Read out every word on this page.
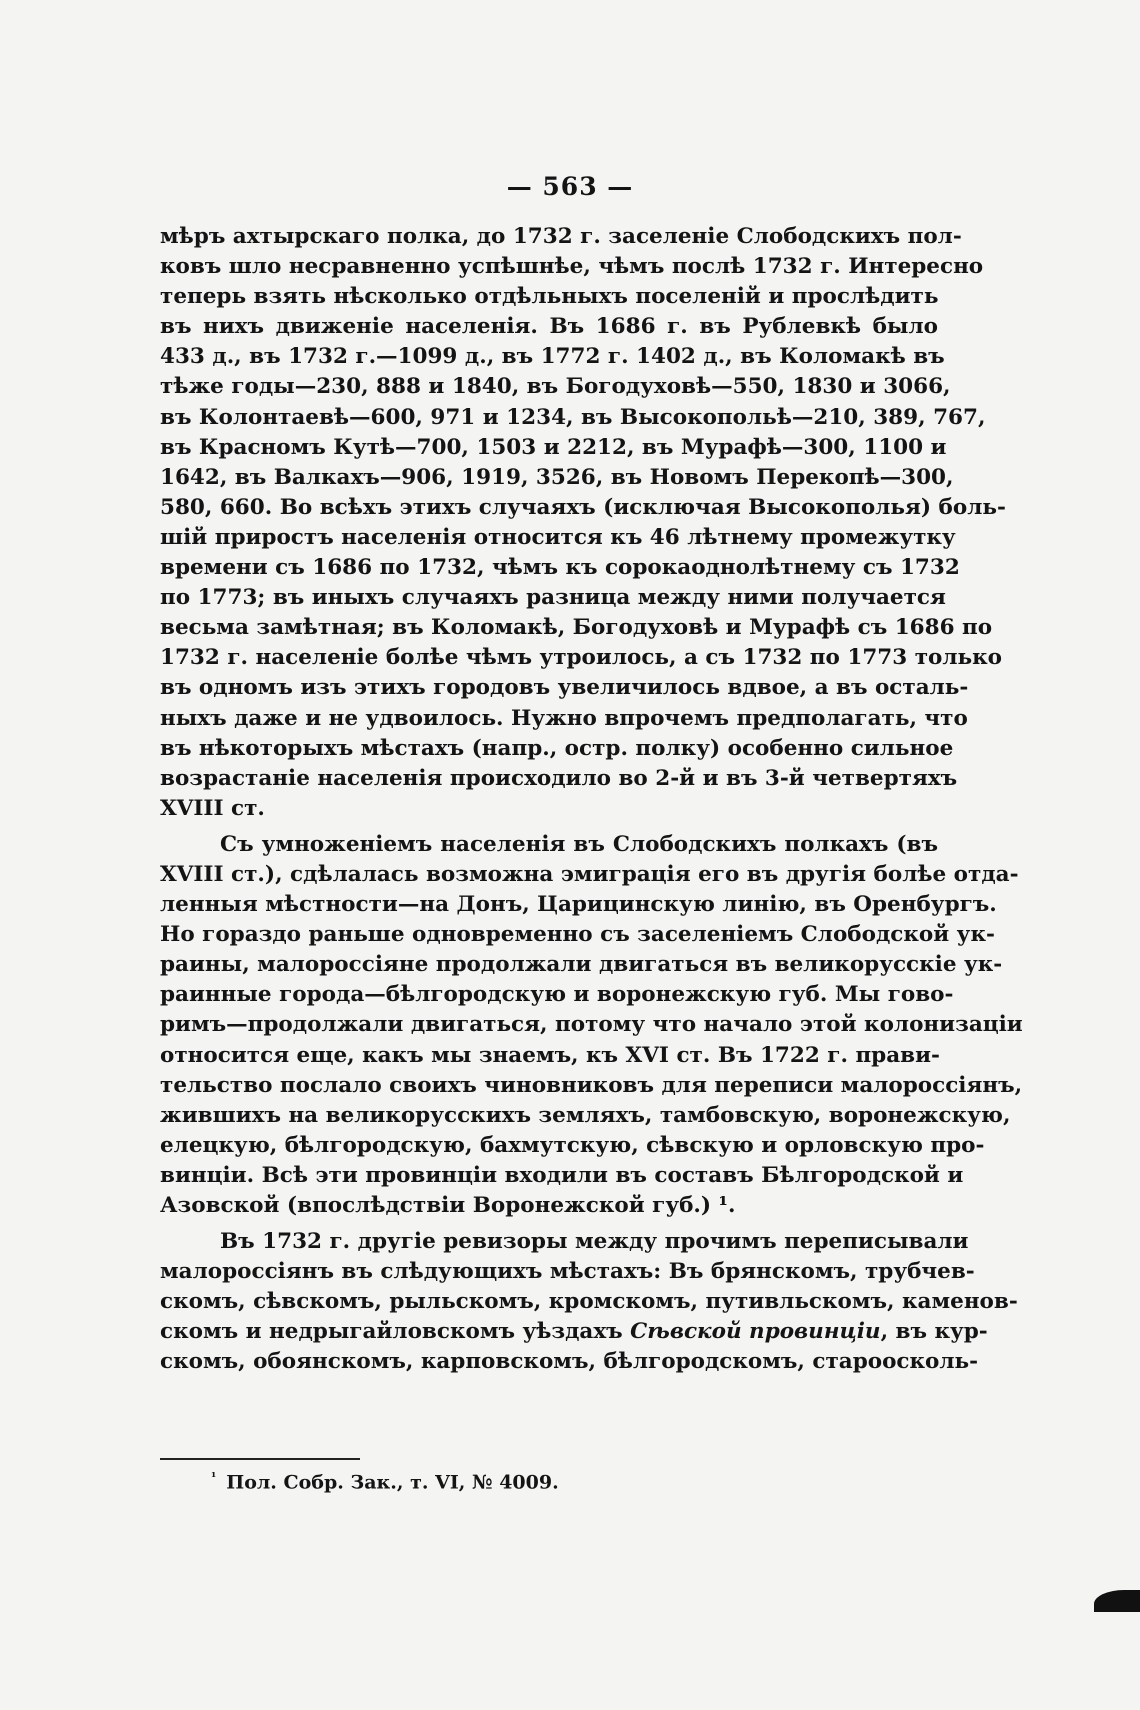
— 563 —
мѣръ ахтырскаго полка, до 1732 г. заселеніе Слободскихъ пол-
ковъ шло несравненно успѣшнѣе, чѣмъ послѣ 1732 г. Интересно
теперь взять нѣсколько отдѣльныхъ поселеній и прослѣдить
въ нихъ движеніе населенія. Въ 1686 г. въ Рублевкѣ было
433 д., въ 1732 г.—1099 д., въ 1772 г. 1402 д., въ Коломакѣ въ
тѣже годы—230, 888 и 1840, въ Богодуховѣ—550, 1830 и 3066,
въ Колонтаевѣ—600, 971 и 1234, въ Высокопольѣ—210, 389, 767,
въ Красномъ Кутѣ—700, 1503 и 2212, въ Мурафѣ—300, 1100 и
1642, въ Валкахъ—906, 1919, 3526, въ Новомъ Перекопѣ—300,
580, 660. Во всѣхъ этихъ случаяхъ (исключая Высокополья) боль-
шій приростъ населенія относится къ 46 лѣтнему промежутку
времени съ 1686 по 1732, чѣмъ къ сорокаоднолѣтнему съ 1732
по 1773; въ иныхъ случаяхъ разница между ними получается
весьма замѣтная; въ Коломакѣ, Богодуховѣ и Мурафѣ съ 1686 по
1732 г. населеніе болѣе чѣмъ утроилось, а съ 1732 по 1773 только
въ одномъ изъ этихъ городовъ увеличилось вдвое, а въ осталь-
ныхъ даже и не удвоилось. Нужно впрочемъ предполагать, что
въ нѣкоторыхъ мѣстахъ (напр., остр. полку) особенно сильное
возрастаніе населенія происходило во 2-й и въ 3-й четвертяхъ
XVIII ст.
Съ умноженіемъ населенія въ Слободскихъ полкахъ (въ
XVIII ст.), сдѣлалась возможна эмиграція его въ другія болѣе отда-
ленныя мѣстности—на Донъ, Царицинскую линію, въ Оренбургъ.
Но гораздо раньше одновременно съ заселеніемъ Слободской ук-
раины, малороссіяне продолжали двигаться въ великорусскіе ук-
раинные города—бѣлгородскую и воронежскую губ. Мы гово-
римъ—продолжали двигаться, потому что начало этой колонизаціи
относится еще, какъ мы знаемъ, къ XVI ст. Въ 1722 г. прави-
тельство послало своихъ чиновниковъ для переписи малороссіянъ,
жившихъ на великорусскихъ земляхъ, тамбовскую, воронежскую,
елецкую, бѣлгородскую, бахмутскую, сѣвскую и орловскую про-
винціи. Всѣ эти провинціи входили въ составъ Бѣлгородской и
Азовской (впослѣдствіи Воронежской губ.) ¹.
Въ 1732 г. другіе ревизоры между прочимъ переписывали
малороссіянъ въ слѣдующихъ мѣстахъ: Въ брянскомъ, трубчев-
скомъ, сѣвскомъ, рыльскомъ, кромскомъ, путивльскомъ, каменов-
скомъ и недрыгайловскомъ уѣздахъ Сѣвской провинціи, въ кур-
скомъ, обоянскомъ, карповскомъ, бѣлгородскомъ, староосколь-
$^{^1}$ Пол. Собр. Зак., т. VI, № 4009.
